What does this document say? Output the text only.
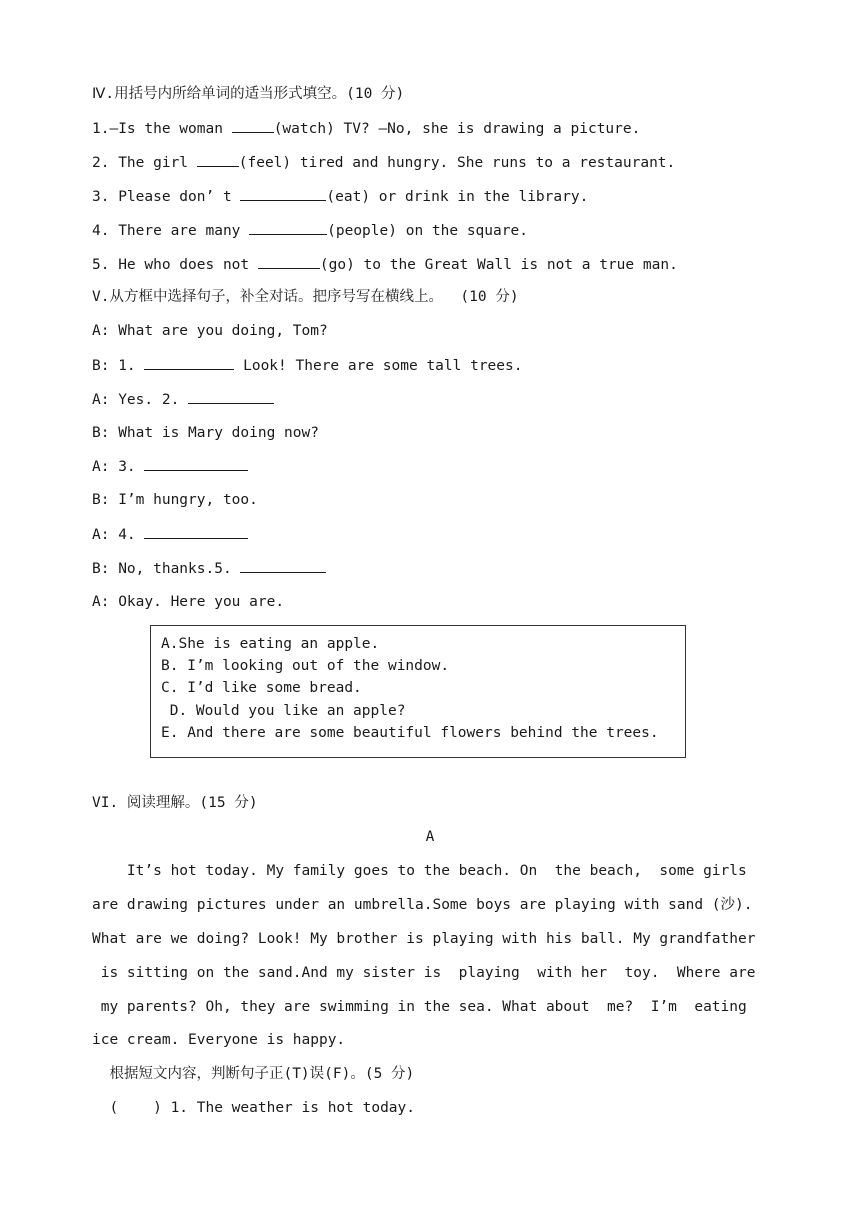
Ⅳ.用括号内所给单词的适当形式填空。(10 分)
1.—Is the woman	(watch) TV? —No, she is drawing a picture.
2. The girl	(feel) tired and hungry. She runs to a restaurant.
3. Please don’ t	(eat) or drink in the library.
4. There are many	(people) on the square.
5. He who does not	(go) to the Great Wall is not a true man.
V.从方框中选择句子，补全对话。把序号写在横线上。  (10 分)
A: What are you doing, Tom?
B: 1.	Look! There are some tall trees.
A: Yes. 2.
B: What is Mary doing now?
A: 3.
B: I’m hungry, too.
A: 4.
B: No, thanks.5.
A: Okay. Here you are.
A.She is eating an apple.
B. I’m looking out of the window.
C. I’d like some bread.
D. Would you like an apple?
E. And there are some beautiful flowers behind the trees.
VI. 阅读理解。(15 分)
A
It’s hot today. My family goes to the beach. On  the beach,  some girls
are drawing pictures under an umbrella.Some boys are playing with sand (沙).
What are we doing? Look! My brother is playing with his ball. My grandfather
is sitting on the sand.And my sister is  playing  with her  toy.  Where are
my parents? Oh, they are swimming in the sea. What about  me?  I’m  eating
ice cream. Everyone is happy.
根据短文内容，判断句子正(T)误(F)。(5 分)
(    ) 1. The weather is hot today.
